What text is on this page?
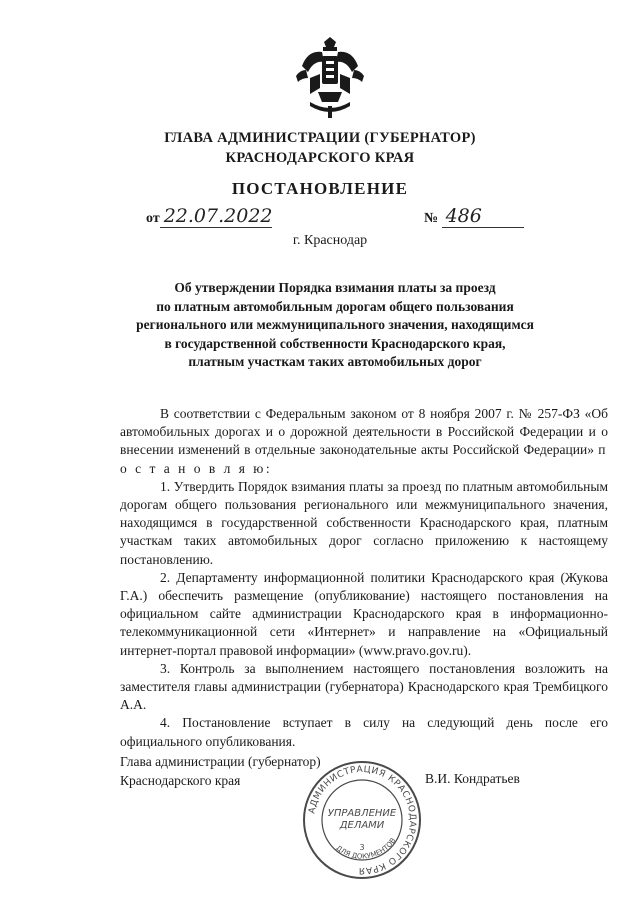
ГЛАВА АДМИНИСТРАЦИИ (ГУБЕРНАТОР)
КРАСНОДАРСКОГО КРАЯ
ПОСТАНОВЛЕНИЕ
от 22.07.2022	№ 486
г. Краснодар
Об утверждении Порядка взимания платы за проезд
по платным автомобильным дорогам общего пользования
регионального или межмуниципального значения, находящимся
в государственной собственности Краснодарского края,
платным участкам таких автомобильных дорог

В соответствии с Федеральным законом от 8 ноября 2007 г. № 257-ФЗ «Об автомобильных дорогах и о дорожной деятельности в Российской Федерации и о внесении изменений в отдельные законодательные акты Российской Федерации» п о с т а н о в л я ю:

1. Утвердить Порядок взимания платы за проезд по платным автомобильным дорогам общего пользования регионального или межмуниципального значения, находящимся в государственной собственности Краснодарского края, платным участкам таких автомобильных дорог согласно приложению к настоящему постановлению.

2. Департаменту информационной политики Краснодарского края (Жукова Г.А.) обеспечить размещение (опубликование) настоящего постановления на официальном сайте администрации Краснодарского края в информационно-телекоммуникационной сети «Интернет» и направление на «Официальный интернет-портал правовой информации» (www.pravo.gov.ru).

3. Контроль за выполнением настоящего постановления возложить на заместителя главы администрации (губернатора) Краснодарского края Трембицкого А.А.

4. Постановление вступает в силу на следующий день после его официального опубликования.

Глава администрации (губернатор)
Краснодарского края	В.И. Кондратьев
АДМИНИСТРАЦИЯ КРАСНОДАРСКОГО КРАЯ
ДЛЯ ДОКУМЕНТОВ
УПРАВЛЕНИЕ
ДЕЛАМИ
3
